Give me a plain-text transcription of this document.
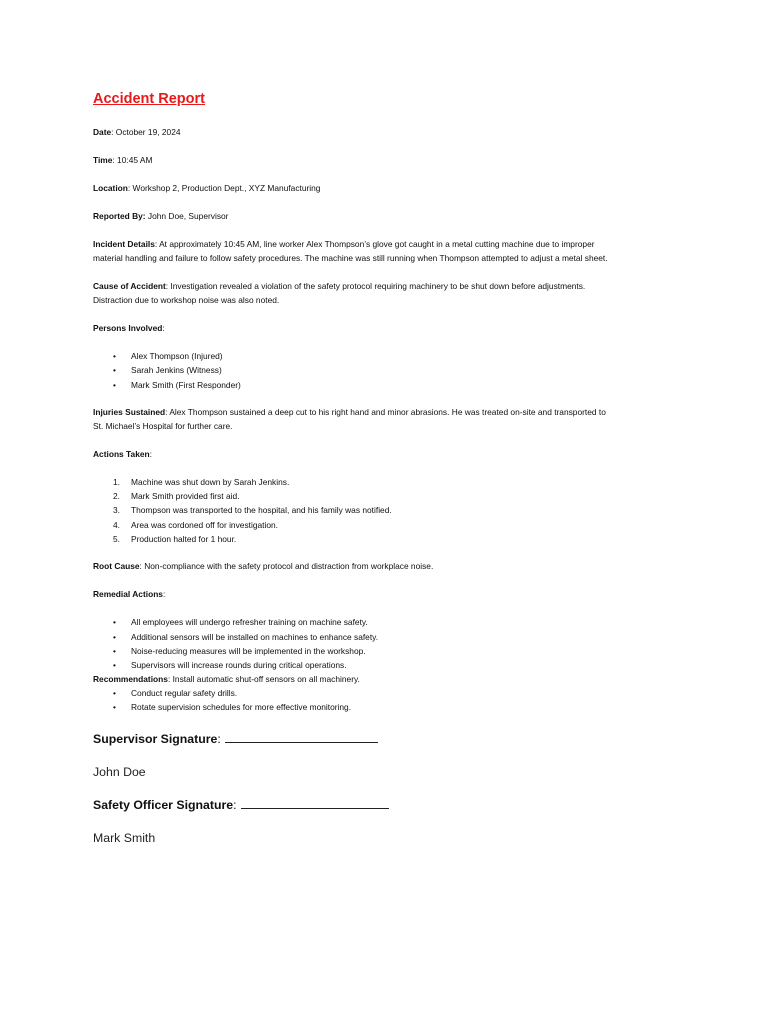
Accident Report
Date: October 19, 2024
Time: 10:45 AM
Location: Workshop 2, Production Dept., XYZ Manufacturing
Reported By: John Doe, Supervisor
Incident Details: At approximately 10:45 AM, line worker Alex Thompson’s glove got caught in a metal cutting machine due to improper
material handling and failure to follow safety procedures. The machine was still running when Thompson attempted to adjust a metal sheet.
Cause of Accident: Investigation revealed a violation of the safety protocol requiring machinery to be shut down before adjustments.
Distraction due to workshop noise was also noted.
Persons Involved:
• Alex Thompson (Injured)
• Sarah Jenkins (Witness)
• Mark Smith (First Responder)
Injuries Sustained: Alex Thompson sustained a deep cut to his right hand and minor abrasions. He was treated on-site and transported to
St. Michael’s Hospital for further care.
Actions Taken:
1. Machine was shut down by Sarah Jenkins.
2. Mark Smith provided first aid.
3. Thompson was transported to the hospital, and his family was notified.
4. Area was cordoned off for investigation.
5. Production halted for 1 hour.
Root Cause: Non-compliance with the safety protocol and distraction from workplace noise.
Remedial Actions:
• All employees will undergo refresher training on machine safety.
• Additional sensors will be installed on machines to enhance safety.
• Noise-reducing measures will be implemented in the workshop.
• Supervisors will increase rounds during critical operations.
Recommendations: Install automatic shut-off sensors on all machinery.
• Conduct regular safety drills.
• Rotate supervision schedules for more effective monitoring.
Supervisor Signature:
John Doe
Safety Officer Signature:
Mark Smith
